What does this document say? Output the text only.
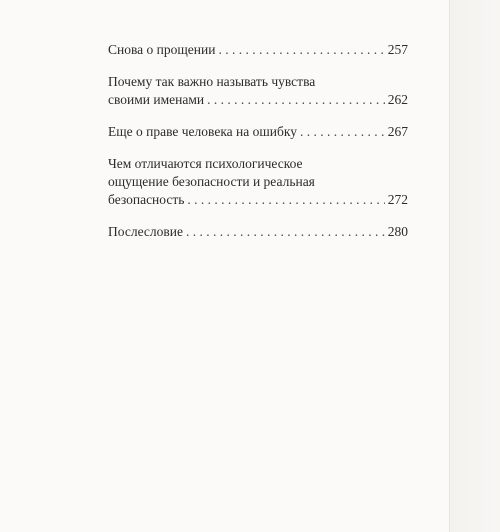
Снова о прощении . . .	257
Почему так важно называть чувства
своими именами . . .	262
Еще о праве человека на ошибку . . .	267
Чем отличаются психологическое
ощущение безопасности и реальная
безопасность . . .	272
Послесловие . . .	280
